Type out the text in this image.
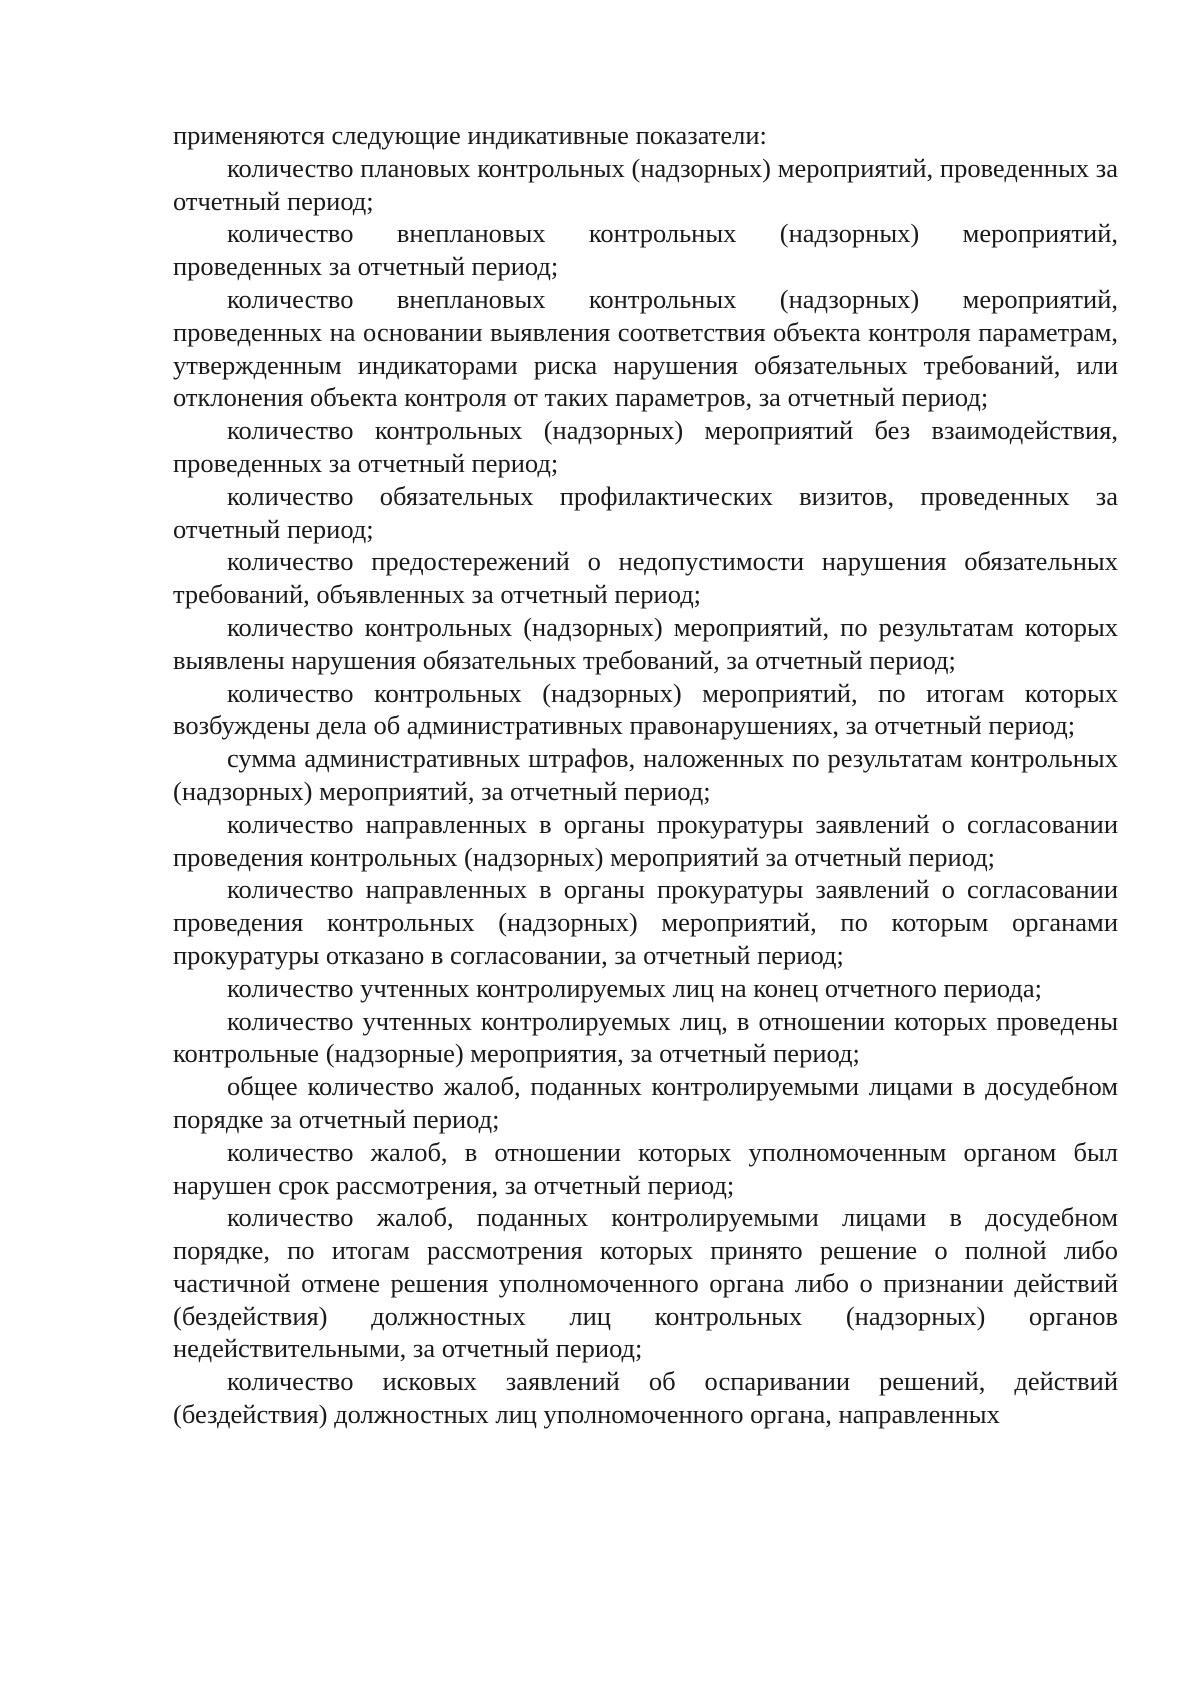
применяются следующие индикативные показатели:

количество плановых контрольных (надзорных) мероприятий, проведенных за отчетный период;

количество внеплановых контрольных (надзорных) мероприятий, проведенных за отчетный период;

количество внеплановых контрольных (надзорных) мероприятий, проведенных на основании выявления соответствия объекта контроля параметрам, утвержденным индикаторами риска нарушения обязательных требований, или отклонения объекта контроля от таких параметров, за отчетный период;

количество контрольных (надзорных) мероприятий без взаимодействия, проведенных за отчетный период;

количество обязательных профилактических визитов, проведенных за отчетный период;

количество предостережений о недопустимости нарушения обязательных требований, объявленных за отчетный период;

количество контрольных (надзорных) мероприятий, по результатам которых выявлены нарушения обязательных требований, за отчетный период;

количество контрольных (надзорных) мероприятий, по итогам которых возбуждены дела об административных правонарушениях, за отчетный период;

сумма административных штрафов, наложенных по результатам контрольных (надзорных) мероприятий, за отчетный период;

количество направленных в органы прокуратуры заявлений о согласовании проведения контрольных (надзорных) мероприятий за отчетный период;

количество направленных в органы прокуратуры заявлений о согласовании проведения контрольных (надзорных) мероприятий, по которым органами прокуратуры отказано в согласовании, за отчетный период;

количество учтенных контролируемых лиц на конец отчетного периода;

количество учтенных контролируемых лиц, в отношении которых проведены контрольные (надзорные) мероприятия, за отчетный период;

общее количество жалоб, поданных контролируемыми лицами в досудебном порядке за отчетный период;

количество жалоб, в отношении которых уполномоченным органом был нарушен срок рассмотрения, за отчетный период;

количество жалоб, поданных контролируемыми лицами в досудебном порядке, по итогам рассмотрения которых принято решение о полной либо частичной отмене решения уполномоченного органа либо о признании действий (бездействия) должностных лиц контрольных (надзорных) органов недействительными, за отчетный период;

количество исковых заявлений об оспаривании решений, действий (бездействия) должностных лиц уполномоченного органа, направленных
